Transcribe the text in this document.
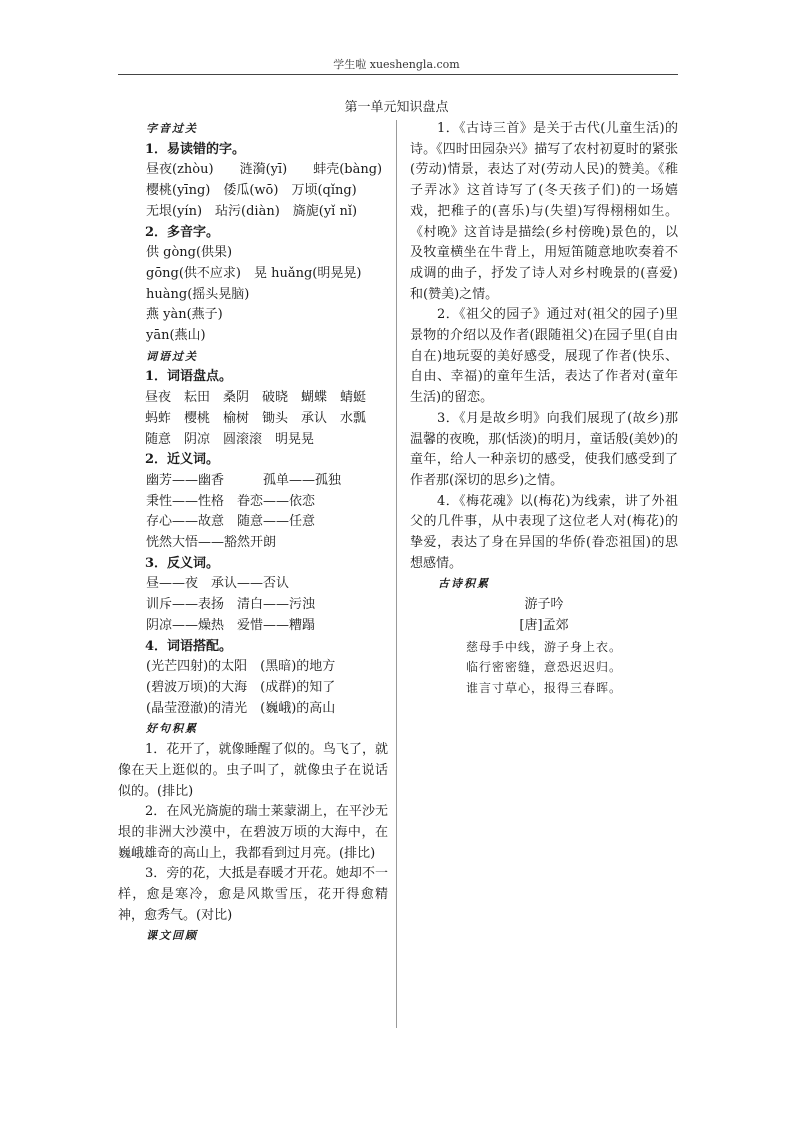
学生啦 xueshengla.com
第一单元知识盘点
字音过关
1．易读错的字。
昼夜(zhòu)　　涟漪(yī)　　蚌壳(bàng)
樱桃(yīng)　倭瓜(wō)　万顷(qǐng)
无垠(yín)　玷污(diàn)　旖旎(yǐ nǐ)
2．多音字。
供 gòng(供果)
gōng(供不应求)　晃 huǎng(明晃晃)
huàng(摇头晃脑)
燕 yàn(燕子)
yān(燕山)
词语过关
1．词语盘点。
昼夜　耘田　桑阴　破晓　蝴蝶　蜻蜓
蚂蚱　樱桃　榆树　锄头　承认　水瓢
随意　阴凉　圆滚滚　明晃晃
2．近义词。
幽芳——幽香　　　孤单——孤独
秉性——性格　眷恋——依恋
存心——故意　随意——任意
恍然大悟——豁然开朗
3．反义词。
昼——夜　承认——否认
训斥——表扬　清白——污浊
阴凉——燥热　爱惜——糟蹋
4．词语搭配。
(光芒四射)的太阳　(黑暗)的地方
(碧波万顷)的大海　(成群)的知了
(晶莹澄澈)的清光　(巍峨)的高山
好句积累
1．花开了，就像睡醒了似的。鸟飞了，就像在天上逛似的。虫子叫了，就像虫子在说话似的。(排比)
2．在风光旖旎的瑞士莱蒙湖上，在平沙无垠的非洲大沙漠中，在碧波万顷的大海中，在巍峨雄奇的高山上，我都看到过月亮。(排比)
3．旁的花，大抵是春暖才开花。她却不一样，愈是寒冷，愈是风欺雪压，花开得愈精神，愈秀气。(对比)
课文回顾
1．《古诗三首》是关于古代(儿童生活)的诗。《四时田园杂兴》描写了农村初夏时的紧张(劳动)情景，表达了对(劳动人民)的赞美。《稚子弄冰》这首诗写了(冬天孩子们)的一场嬉戏，把稚子的(喜乐)与(失望)写得栩栩如生。《村晚》这首诗是描绘(乡村傍晚)景色的，以及牧童横坐在牛背上，用短笛随意地吹奏着不成调的曲子，抒发了诗人对乡村晚景的(喜爱)和(赞美)之情。
2．《祖父的园子》通过对(祖父的园子)里景物的介绍以及作者(跟随祖父)在园子里(自由自在)地玩耍的美好感受，展现了作者(快乐、自由、幸福)的童年生活，表达了作者对(童年生活)的留恋。
3．《月是故乡明》向我们展现了(故乡)那温馨的夜晚，那(恬淡)的明月，童话般(美妙)的童年，给人一种亲切的感受，使我们感受到了作者那(深切的思乡)之情。
4．《梅花魂》以(梅花)为线索，讲了外祖父的几件事，从中表现了这位老人对(梅花)的挚爱，表达了身在异国的华侨(眷恋祖国)的思想感情。
古诗积累
游子吟
[唐]孟郊
慈母手中线，游子身上衣。
临行密密缝，意恐迟迟归。
谁言寸草心，报得三春晖。
